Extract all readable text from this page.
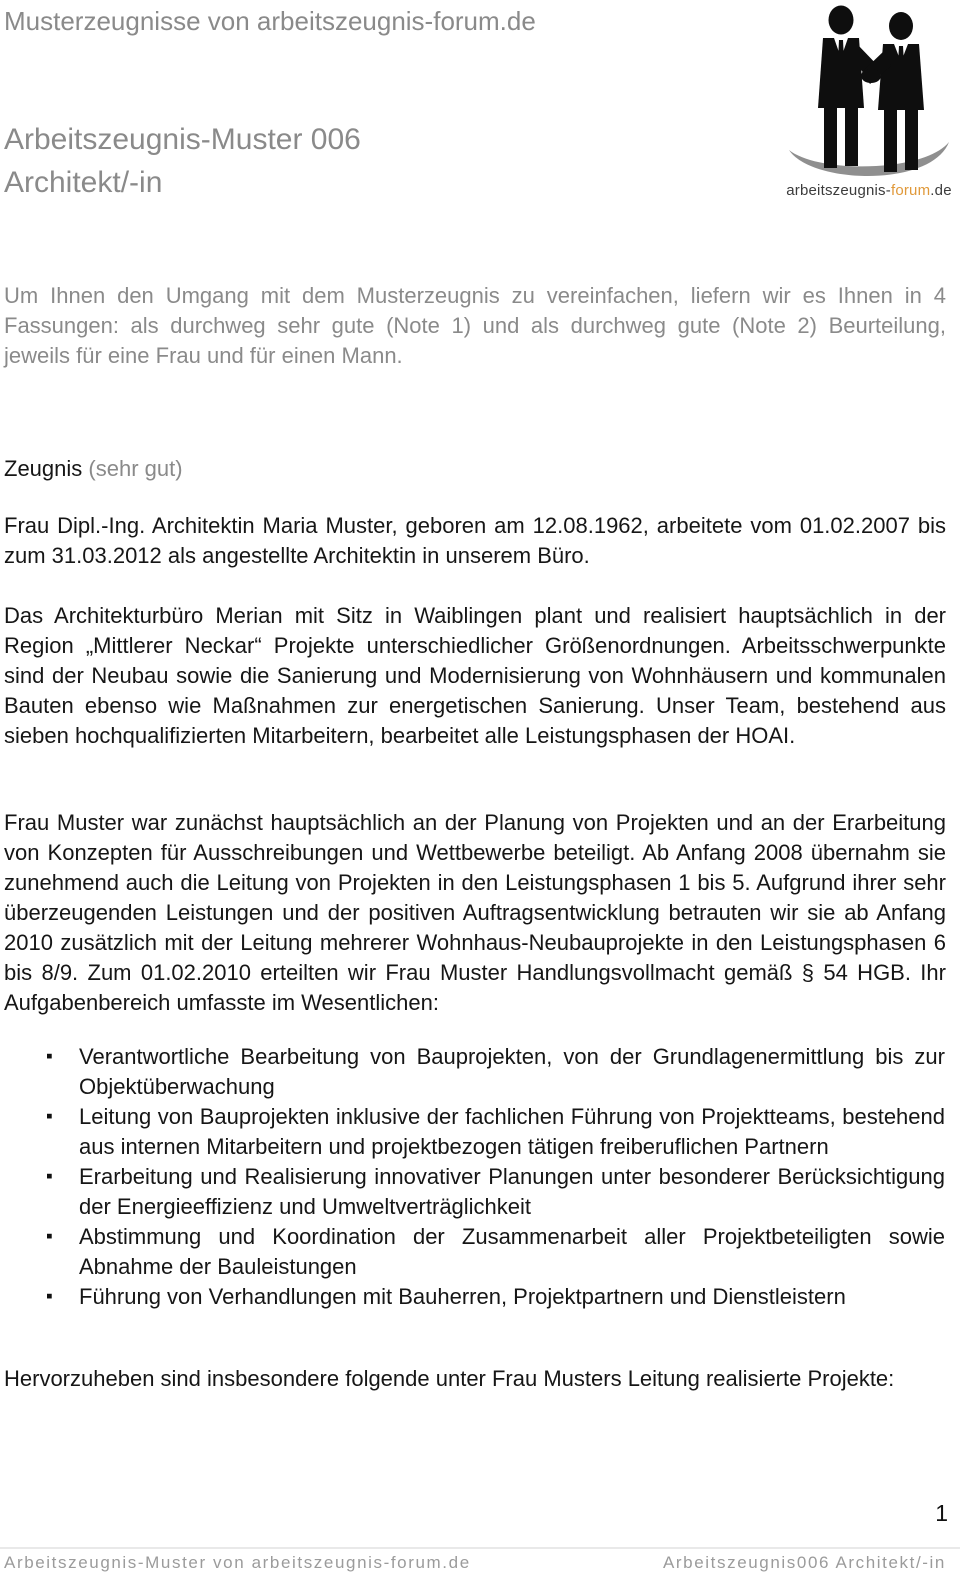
Musterzeugnisse von arbeitszeugnis-forum.de
arbeitszeugnis-forum.de
Arbeitszeugnis-Muster 006
Architekt/-in
Um Ihnen den Umgang mit dem Musterzeugnis zu vereinfachen, liefern wir es Ihnen in 4 Fassungen: als durchweg sehr gute (Note 1) und als durchweg gute (Note 2) Beurteilung, jeweils für eine Frau und für einen Mann.
Zeugnis (sehr gut)
Frau Dipl.-Ing. Architektin Maria Muster, geboren am 12.08.1962, arbeitete vom 01.02.2007 bis zum 31.03.2012 als angestellte Architektin in unserem Büro.
Das Architekturbüro Merian mit Sitz in Waiblingen plant und realisiert hauptsächlich in der Region „Mittlerer Neckar“ Projekte unterschiedlicher Größenordnungen. Arbeitsschwerpunkte sind der Neubau sowie die Sanierung und Modernisierung von Wohnhäusern und kommunalen Bauten ebenso wie Maßnahmen zur energetischen Sanierung. Unser Team, bestehend aus sieben hochqualifizierten Mitarbeitern, bearbeitet alle Leistungsphasen der HOAI.
Frau Muster war zunächst hauptsächlich an der Planung von Projekten und an der Erarbeitung von Konzepten für Ausschreibungen und Wettbewerbe beteiligt. Ab Anfang 2008 übernahm sie zunehmend auch die Leitung von Projekten in den Leistungsphasen 1 bis 5. Aufgrund ihrer sehr überzeugenden Leistungen und der positiven Auftragsentwicklung betrauten wir sie ab Anfang 2010 zusätzlich mit der Leitung mehrerer Wohnhaus-Neubauprojekte in den Leistungsphasen 6 bis 8/9. Zum 01.02.2010 erteilten wir Frau Muster Handlungsvollmacht gemäß § 54 HGB. Ihr Aufgabenbereich umfasste im Wesentlichen:
▪	Verantwortliche Bearbeitung von Bauprojekten, von der Grundlagenermittlung bis zur Objektüberwachung
▪	Leitung von Bauprojekten inklusive der fachlichen Führung von Projektteams, bestehend aus internen Mitarbeitern und projektbezogen tätigen freiberuflichen Partnern
▪	Erarbeitung und Realisierung innovativer Planungen unter besonderer Berücksichtigung der Energieeffizienz und Umweltverträglichkeit
▪	Abstimmung und Koordination der Zusammenarbeit aller Projektbeteiligten sowie Abnahme der Bauleistungen
▪	Führung von Verhandlungen mit Bauherren, Projektpartnern und Dienstleistern
Hervorzuheben sind insbesondere folgende unter Frau Musters Leitung realisierte Projekte:
1
Arbeitszeugnis-Muster von arbeitszeugnis-forum.de	Arbeitszeugnis006 Architekt/-in
